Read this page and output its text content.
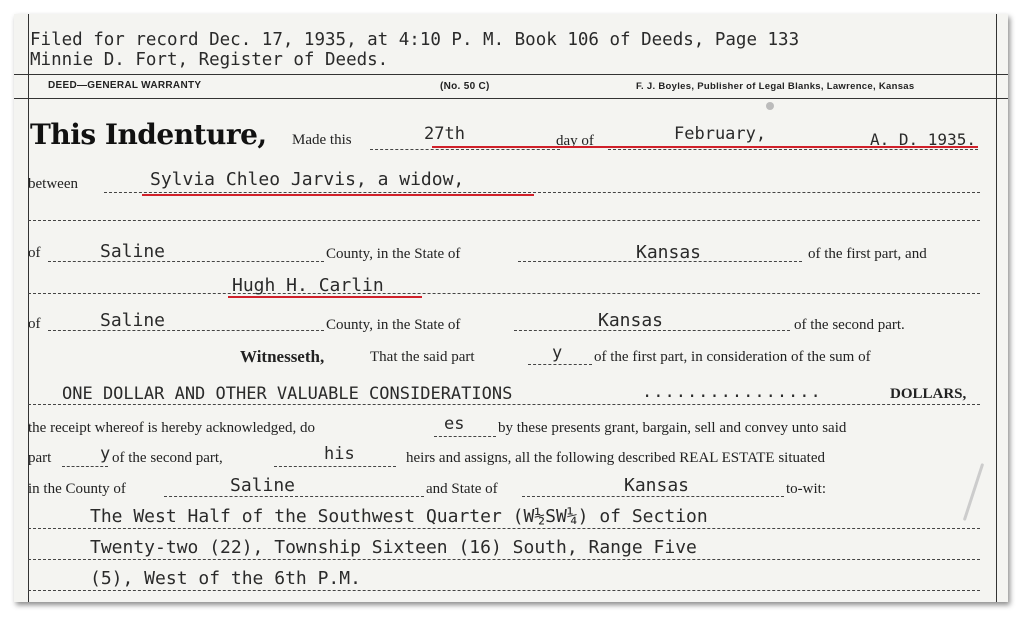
Filed for record Dec. 17, 1935, at 4:10 P. M. Book 106 of Deeds, Page 133
Minnie D. Fort, Register of Deeds.
DEED—GENERAL WARRANTY	(No. 50 C)	F. J. Boyles, Publisher of Legal Blanks, Lawrence, Kansas
This Indenture, Made this	27th	day of	February,	A. D. 1935.
between	Sylvia Chleo Jarvis, a widow,
of	Saline	County, in the State of	Kansas	of the first part, and
Hugh H. Carlin
of	Saline	County, in the State of	Kansas	of the second part.
Witnesseth,	That the said part	y of the first part, in consideration of the sum of
ONE DOLLAR AND OTHER VALUABLE CONSIDERATIONS	................	DOLLARS,
the receipt whereof is hereby acknowledged, do	es by these presents grant, bargain, sell and convey unto said
part	y of the second part,	his	heirs and assigns, all the following described REAL ESTATE situated
in the County of	Saline	and State of	Kansas	to-wit:
The West Half of the Southwest Quarter (W½SW¼) of Section
Twenty-two (22), Township Sixteen (16) South, Range Five
(5), West of the 6th P.M.
